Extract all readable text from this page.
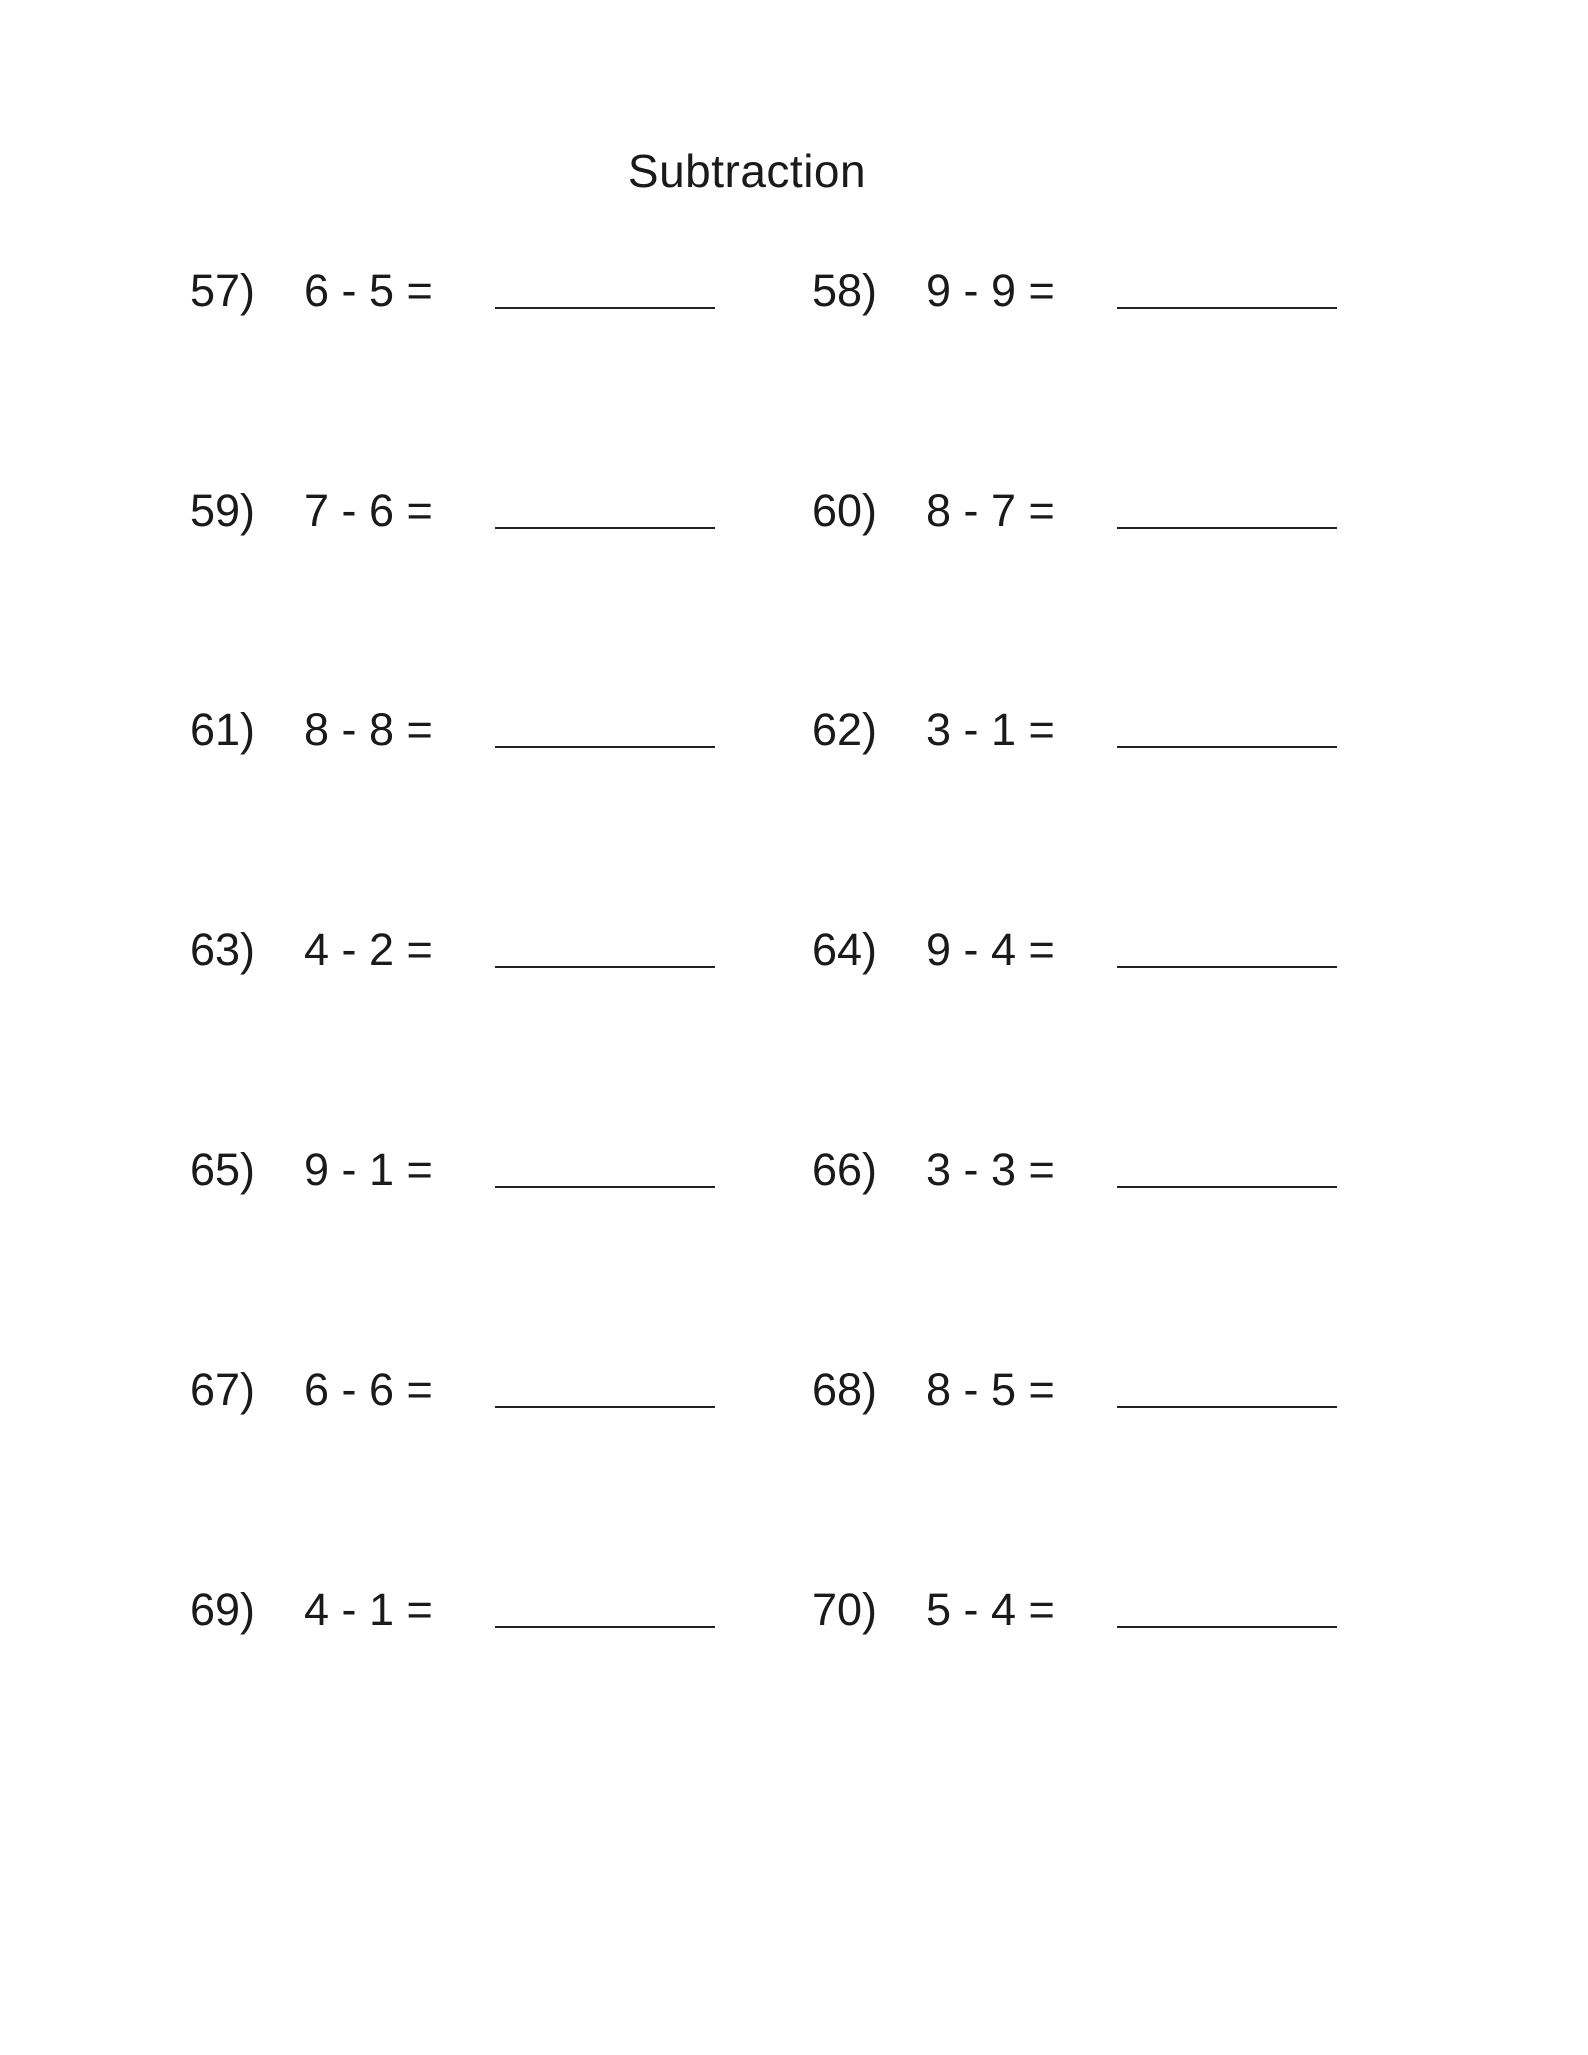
Subtraction
57) 6 - 5 =	58) 9 - 9 =
59) 7 - 6 =	60) 8 - 7 =
61) 8 - 8 =	62) 3 - 1 =
63) 4 - 2 =	64) 9 - 4 =
65) 9 - 1 =	66) 3 - 3 =
67) 6 - 6 =	68) 8 - 5 =
69) 4 - 1 =	70) 5 - 4 =
